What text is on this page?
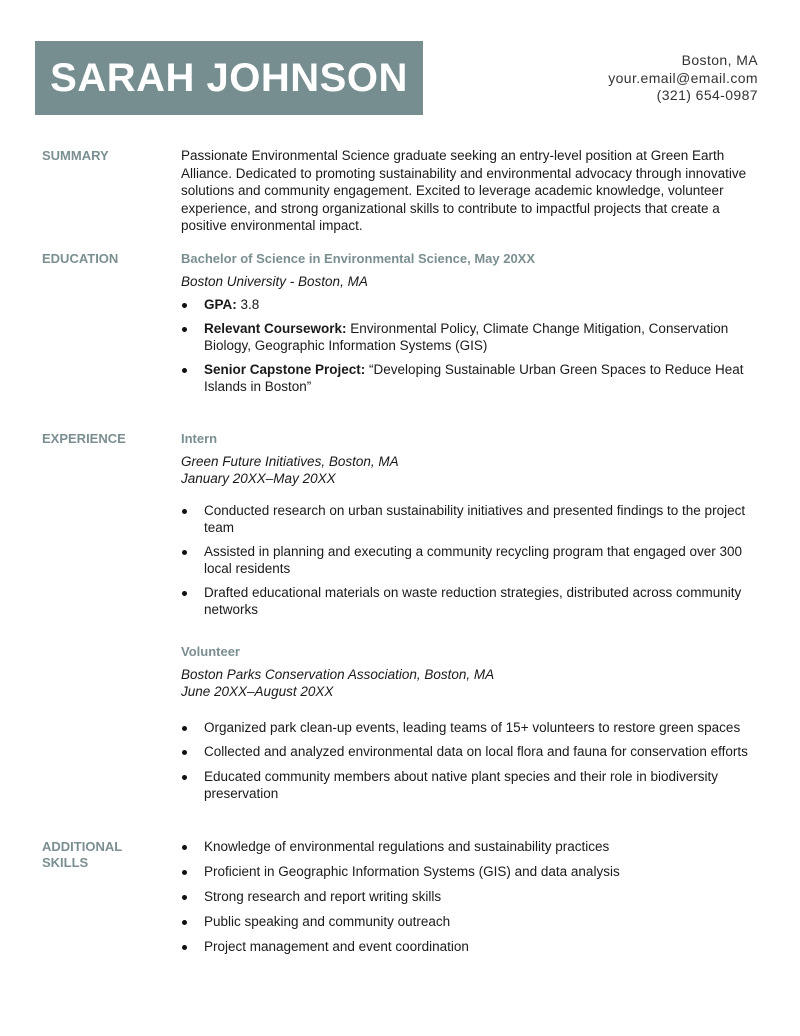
SARAH JOHNSON	Boston, MA
your.email@email.com
(321) 654-0987
SUMMARY	Passionate Environmental Science graduate seeking an entry-level position at Green Earth Alliance. Dedicated to promoting sustainability and environmental advocacy through innovative solutions and community engagement. Excited to leverage academic knowledge, volunteer experience, and strong organizational skills to contribute to impactful projects that create a positive environmental impact.

EDUCATION	Bachelor of Science in Environmental Science, May 20XX

Boston University - Boston, MA

GPA: 3.8
Relevant Coursework: Environmental Policy, Climate Change Mitigation, Conservation Biology, Geographic Information Systems (GIS)
Senior Capstone Project: “Developing Sustainable Urban Green Spaces to Reduce Heat Islands in Boston”
EXPERIENCE	Intern

Green Future Initiatives, Boston, MA

January 20XX–May 20XX

Conducted research on urban sustainability initiatives and presented findings to the project team
Assisted in planning and executing a community recycling program that engaged over 300 local residents
Drafted educational materials on waste reduction strategies, distributed across community networks

Volunteer

Boston Parks Conservation Association, Boston, MA

June 20XX–August 20XX

Organized park clean-up events, leading teams of 15+ volunteers to restore green spaces
Collected and analyzed environmental data on local flora and fauna for conservation efforts
Educated community members about native plant species and their role in biodiversity preservation
ADDITIONAL
SKILLS
Knowledge of environmental regulations and sustainability practices
Proficient in Geographic Information Systems (GIS) and data analysis
Strong research and report writing skills
Public speaking and community outreach
Project management and event coordination
